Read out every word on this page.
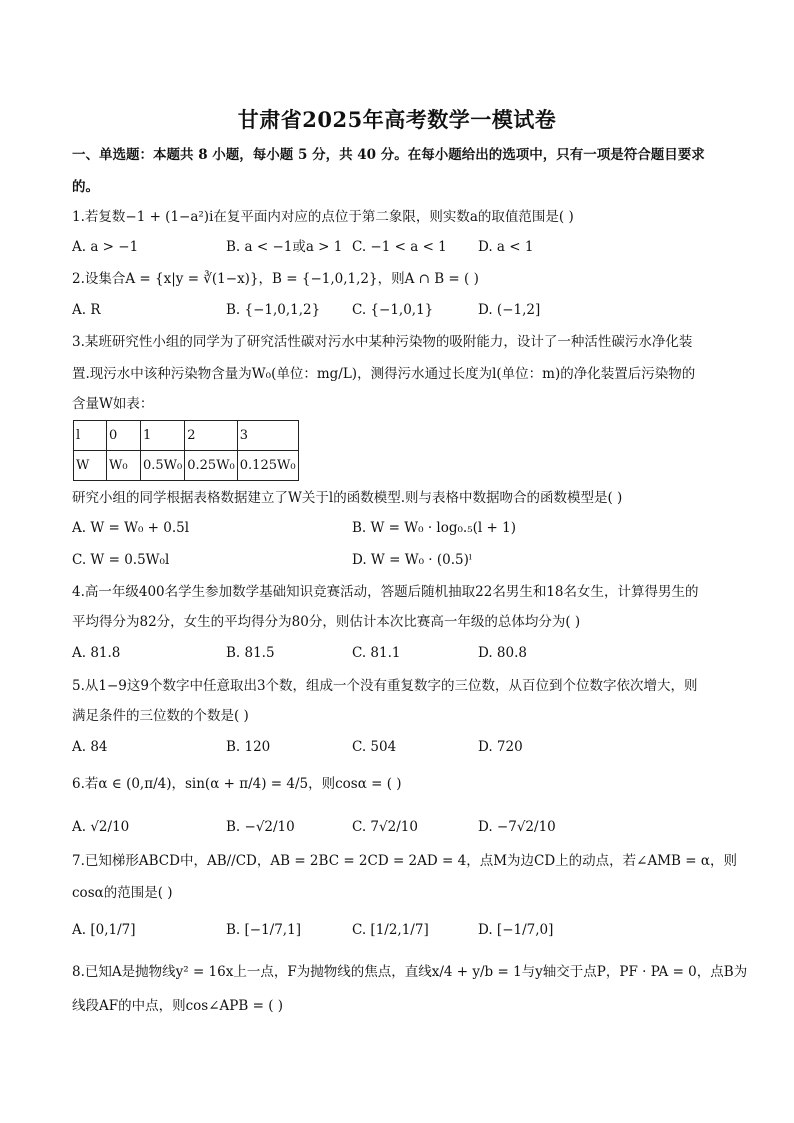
甘肃省2025年高考数学一模试卷
一、单选题：本题共 8 小题，每小题 5 分，共 40 分。在每小题给出的选项中，只有一项是符合题目要求
的。
1.若复数−1 + (1−a²)i在复平面内对应的点位于第二象限，则实数a的取值范围是( )
A. a > −1	B. a < −1或a > 1 C. −1 < a < 1 D. a < 1
2.设集合A = {x|y = ∛(1−x)}，B = {−1,0,1,2}，则A ∩ B = ( )
A. R	B. {−1,0,1,2} C. {−1,0,1}	D. (−1,2]
3.某班研究性小组的同学为了研究活性碳对污水中某种污染物的吸附能力，设计了一种活性碳污水净化装
置.现污水中该种污染物含量为W₀(单位：mg/L)，测得污水通过长度为l(单位：m)的净化装置后污染物的
含量W如表：
l	0	1	2	3
W	W₀	0.5W₀	0.25W₀	0.125W₀
研究小组的同学根据表格数据建立了W关于l的函数模型.则与表格中数据吻合的函数模型是( )
A. W = W₀ + 0.5l	B. W = W₀ · log₀.₅(l + 1)
C. W = 0.5W₀l	D. W = W₀ · (0.5)ˡ
4.高一年级400名学生参加数学基础知识竞赛活动，答题后随机抽取22名男生和18名女生，计算得男生的
平均得分为82分，女生的平均得分为80分，则估计本次比赛高一年级的总体均分为( )
A. 81.8	B. 81.5	C. 81.1	D. 80.8
5.从1−9这9个数字中任意取出3个数，组成一个没有重复数字的三位数，从百位到个位数字依次增大，则
满足条件的三位数的个数是( )
A. 84	B. 120	C. 504	D. 720
6.若α ∈ (0,π/4)，sin(α + π/4) = 4/5，则cosα = ( )
A. √2/10	B. −√2/10	C. 7√2/10	D. −7√2/10
7.已知梯形ABCD中，AB//CD，AB = 2BC = 2CD = 2AD = 4，点M为边CD上的动点，若∠AMB = α，则
cosα的范围是( )
A. [0,1/7]	B. [−1/7,1]	C. [1/2,1/7]	D. [−1/7,0]
8.已知A是抛物线y² = 16x上一点，F为抛物线的焦点，直线x/4 + y/b = 1与y轴交于点P，PF · PA = 0，点B为
线段AF的中点，则cos∠APB = ( )
